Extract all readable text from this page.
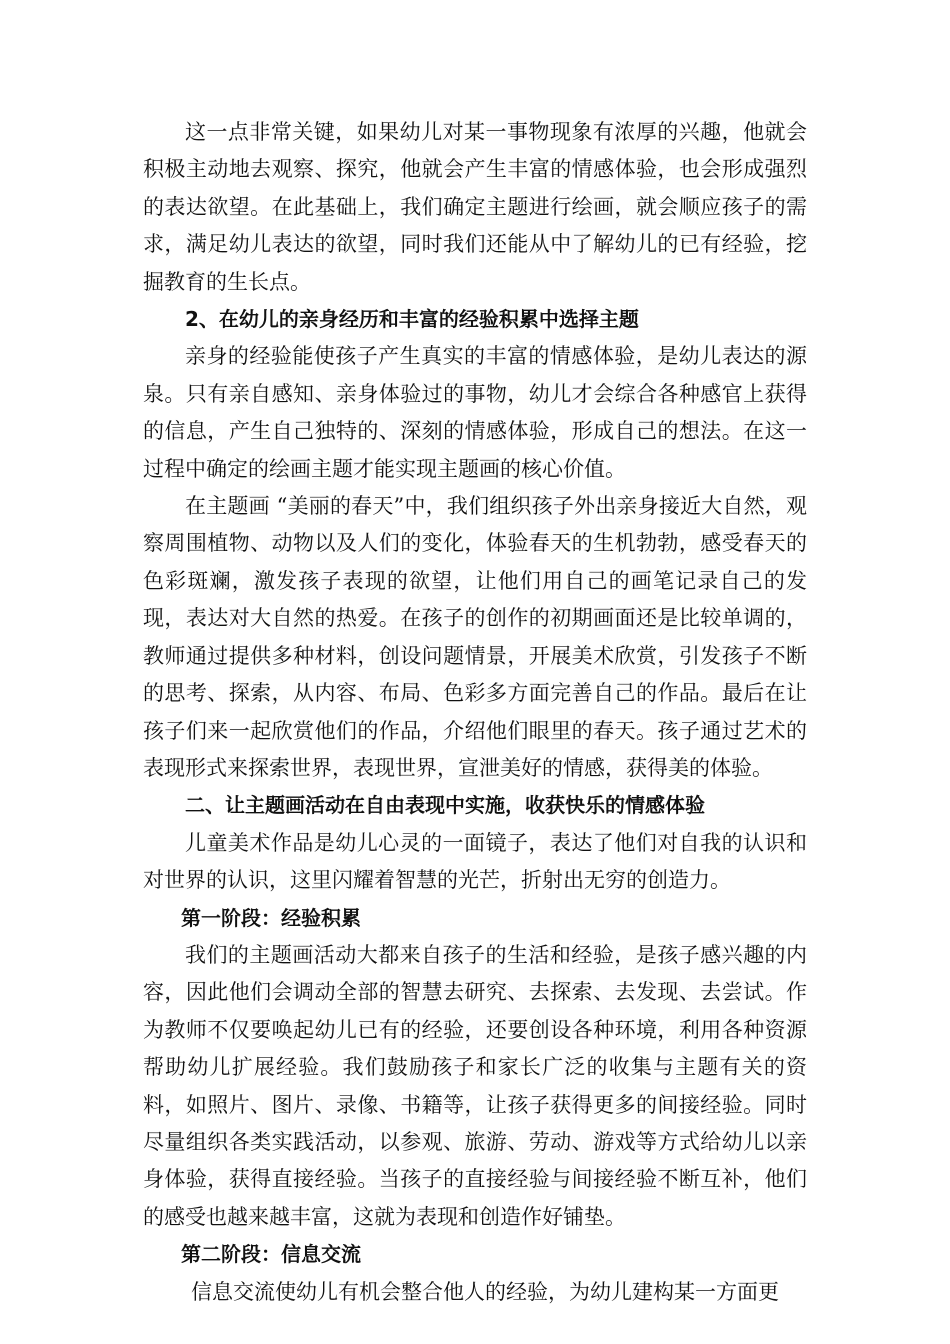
这一点非常关键，如果幼儿对某一事物现象有浓厚的兴趣，他就会积极主动地去观察、探究，他就会产生丰富的情感体验，也会形成强烈的表达欲望。在此基础上，我们确定主题进行绘画，就会顺应孩子的需求，满足幼儿表达的欲望，同时我们还能从中了解幼儿的已有经验，挖掘教育的生长点。

2、在幼儿的亲身经历和丰富的经验积累中选择主题

亲身的经验能使孩子产生真实的丰富的情感体验，是幼儿表达的源泉。只有亲自感知、亲身体验过的事物，幼儿才会综合各种感官上获得的信息，产生自己独特的、深刻的情感体验，形成自己的想法。在这一过程中确定的绘画主题才能实现主题画的核心价值。

在主题画 “美丽的春天”中，我们组织孩子外出亲身接近大自然，观察周围植物、动物以及人们的变化，体验春天的生机勃勃，感受春天的色彩斑斓，激发孩子表现的欲望，让他们用自己的画笔记录自己的发现，表达对大自然的热爱。在孩子的创作的初期画面还是比较单调的，教师通过提供多种材料，创设问题情景，开展美术欣赏，引发孩子不断的思考、探索，从内容、布局、色彩多方面完善自己的作品。最后在让孩子们来一起欣赏他们的作品，介绍他们眼里的春天。孩子通过艺术的表现形式来探索世界，表现世界，宣泄美好的情感，获得美的体验。

二、让主题画活动在自由表现中实施，收获快乐的情感体验

儿童美术作品是幼儿心灵的一面镜子，表达了他们对自我的认识和对世界的认识，这里闪耀着智慧的光芒，折射出无穷的创造力。

第一阶段：经验积累

我们的主题画活动大都来自孩子的生活和经验，是孩子感兴趣的内容，因此他们会调动全部的智慧去研究、去探索、去发现、去尝试。作为教师不仅要唤起幼儿已有的经验，还要创设各种环境，利用各种资源帮助幼儿扩展经验。我们鼓励孩子和家长广泛的收集与主题有关的资料，如照片、图片、录像、书籍等，让孩子获得更多的间接经验。同时尽量组织各类实践活动，以参观、旅游、劳动、游戏等方式给幼儿以亲身体验，获得直接经验。当孩子的直接经验与间接经验不断互补，他们的感受也越来越丰富，这就为表现和创造作好铺垫。

第二阶段：信息交流

信息交流使幼儿有机会整合他人的经验，为幼儿建构某一方面更
